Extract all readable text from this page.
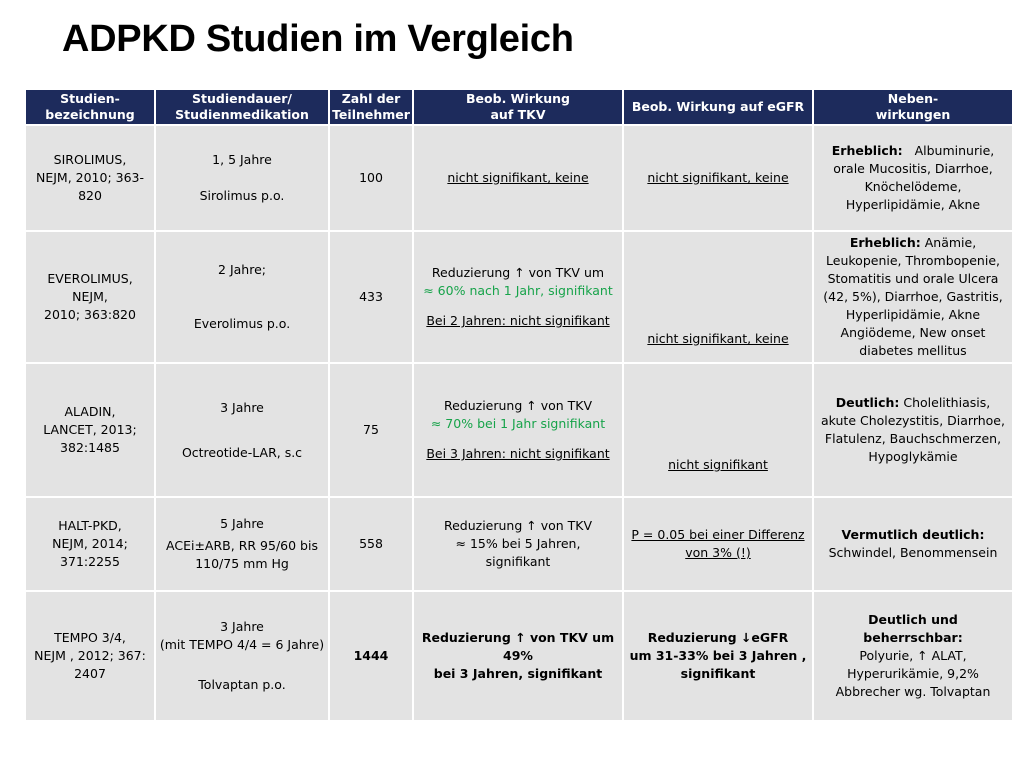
ADPKD Studien im Vergleich
Studien-
bezeichnung	Studiendauer/
Studienmedikation	Zahl der
Teilnehmer	Beob. Wirkung
auf TKV	Beob. Wirkung auf eGFR	Neben-
wirkungen

SIROLIMUS,
NEJM, 2010; 363-
820	1, 5 Jahre
Sirolimus p.o.	100	nicht signifikant, keine	nicht signifikant, keine	Erheblich: Albuminurie, orale Mucositis, Diarrhoe, Knöchelödeme, Hyperlipidämie, Akne

EVEROLIMUS,
NEJM,
2010; 363:820	2 Jahre;
Everolimus p.o.	433	Reduzierung ↑ von TKV um
≈ 60% nach 1 Jahr, signifikant
Bei 2 Jahren: nicht signifikant	nicht signifikant, keine	Erheblich: Anämie, Leukopenie, Thrombopenie, Stomatitis und orale Ulcera (42, 5%), Diarrhoe, Gastritis, Hyperlipidämie, Akne Angiödeme, New onset diabetes mellitus

ALADIN,
LANCET, 2013;
382:1485	3 Jahre
Octreotide-LAR, s.c	75	Reduzierung ↑ von TKV
≈ 70% bei 1 Jahr signifikant
Bei 3 Jahren: nicht signifikant	nicht signifikant	Deutlich: Cholelithiasis, akute Cholezystitis, Diarrhoe, Flatulenz, Bauchschmerzen, Hypoglykämie

HALT-PKD,
NEJM, 2014;
371:2255	5 Jahre
ACEi±ARB, RR 95/60 bis 110/75 mm Hg	558	Reduzierung ↑ von TKV
≈ 15% bei 5 Jahren,
signifikant	P = 0.05 bei einer Differenz
von 3% (!)	Vermutlich deutlich:
Schwindel, Benommensein

TEMPO 3/4,
NEJM , 2012; 367:
2407	3 Jahre
(mit TEMPO 4/4 = 6 Jahre)
Tolvaptan p.o.	1444	Reduzierung ↑ von TKV um
49%
bei 3 Jahren, signifikant	Reduzierung ↓eGFR
um 31-33% bei 3 Jahren ,
signifikant	Deutlich und beherrschbar:
Polyurie, ↑ ALAT, Hyperurikämie, 9,2% Abbrecher wg. Tolvaptan
